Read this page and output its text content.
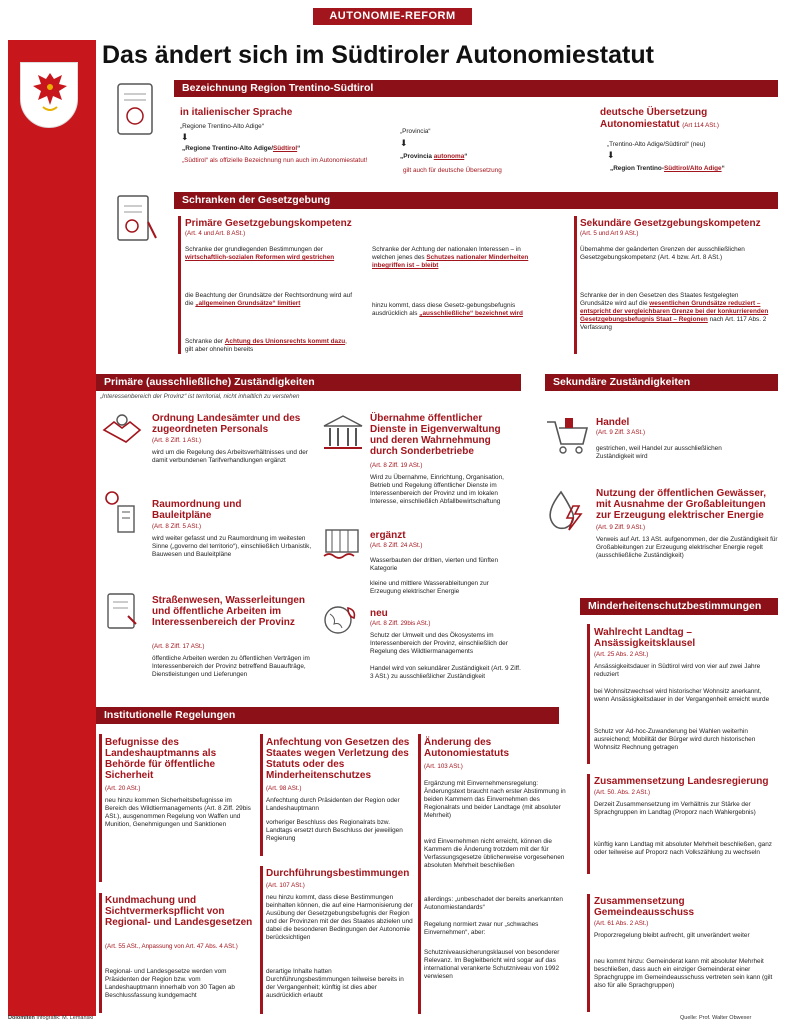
AUTONOMIE-REFORM
Das ändert sich im Südtiroler Autonomiestatut
Bezeichnung Region Trentino-Südtirol
in italienischer Sprache
„Regione Trentino-Alto Adige“
⬇
„Regione Trentino-Alto Adige/Südtirol“
„Südtirol“ als offizielle Bezeichnung nun auch im Autonomiestatut!
„Provincia“
⬇
„Provincia autonoma“
gilt auch für deutsche Übersetzung
deutsche Übersetzung
Autonomiestatut (Art 114 ASt.)
„Trentino-Alto Adige/Südtirol“ (neu)
⬇
„Region Trentino-Südtirol/Alto Adige“
Schranken der Gesetzgebung
Primäre Gesetzgebungskompetenz
(Art. 4 und Art. 8 ASt.)
Schranke der grundlegenden Bestimmungen der wirtschaftlich-sozialen Reformen wird gestrichen
die Beachtung der Grundsätze der Rechtsordnung wird auf die „allgemeinen Grundsätze“ limitiert
Schranke der Achtung des Unionsrechts kommt dazu, gilt aber ohnehin bereits
Schranke der Achtung der nationalen Interessen – in welchen jenes des Schutzes nationaler Minderheiten inbegriffen ist – bleibt
hinzu kommt, dass diese Gesetz-gebungsbefugnis ausdrücklich als „ausschließliche“ bezeichnet wird
Sekundäre Gesetzgebungskompetenz
(Art. 5 und Art 9 ASt.)
Übernahme der geänderten Grenzen der ausschließlichen Gesetzgebungskompetenz (Art. 4 bzw. Art. 8 ASt.)
Schranke der in den Gesetzen des Staates festgelegten Grundsätze wird auf die wesentlichen Grundsätze reduziert – entspricht der vergleichbaren Grenze bei der konkurrierenden Gesetzgebungsbefugnis Staat – Regionen nach Art. 117 Abs. 2 Verfassung
Primäre (ausschließliche) Zuständigkeiten
„Interessenbereich der Provinz“ ist territorial, nicht inhaltlich zu verstehen
Ordnung Landesämter und des zugeordneten Personals
(Art. 8 Ziff. 1 ASt.)
wird um die Regelung des Arbeitsverhältnisses und der damit verbundenen Tarifverhandlungen ergänzt
Raumordnung und Bauleitpläne
(Art. 8 Ziff. 5 ASt.)
wird weiter gefasst und zu Raumordnung im weitesten Sinne („governo del territorio“), einschließlich Urbanistik, Bauwesen und Bauleitpläne
Straßenwesen, Wasserleitungen und öffentliche Arbeiten im Interessenbereich der Provinz
(Art. 8 Ziff. 17 ASt.)
öffentliche Arbeiten werden zu öffentlichen Verträgen im Interessenbereich der Provinz betreffend Bauaufträge, Dienstleistungen und Lieferungen
Übernahme öffentlicher Dienste in Eigenverwaltung und deren Wahrnehmung durch Sonderbetriebe
(Art. 8 Ziff. 19 ASt.)
Wird zu Übernahme, Einrichtung, Organisation, Betrieb und Regelung öffentlicher Dienste im Interessenbereich der Provinz und im lokalen Interesse, einschließlich Abfallbewirtschaftung
ergänzt
(Art. 8 Ziff. 24 ASt.)
Wasserbauten der dritten, vierten und fünften Kategorie
kleine und mittlere Wasserableitungen zur Erzeugung elektrischer Energie
neu
(Art. 8 Ziff. 29bis ASt.)
Schutz der Umwelt und des Ökosystems im Interessenbereich der Provinz, einschließlich der Regelung des Wildtiermanagements
Handel wird von sekundärer Zuständigkeit (Art. 9 Ziff. 3 ASt.) zu ausschließlicher Zuständigkeit
Sekundäre Zuständigkeiten
Handel
(Art. 9 Ziff. 3 ASt.)
gestrichen, weil Handel zur ausschließlichen Zuständigkeit wird
Nutzung der öffentlichen Gewässer, mit Ausnahme der Großableitungen zur Erzeugung elektrischer Energie
(Art. 9 Ziff. 9 ASt.)
Verweis auf Art. 13 ASt. aufgenommen, der die Zuständigkeit für Großableitungen zur Erzeugung elektrischer Energie regelt (ausschließliche Zuständigkeit)
Minderheitenschutzbestimmungen
Wahlrecht Landtag – Ansässigkeitsklausel
(Art. 25 Abs. 2 ASt.)
Ansässigkeitsdauer in Südtirol wird von vier auf zwei Jahre reduziert
bei Wohnsitzwechsel wird historischer Wohnsitz anerkannt, wenn Ansässigkeitsdauer in der Vergangenheit erreicht wurde
Schutz vor Ad-hoc-Zuwanderung bei Wahlen weiterhin ausreichend; Mobilität der Bürger wird durch historischen Wohnsitz Rechnung getragen
Zusammensetzung Landesregierung
(Art. 50. Abs. 2 ASt.)
Derzeit Zusammensetzung im Verhältnis zur Stärke der Sprachgruppen im Landtag (Proporz nach Wahlergebnis)
künftig kann Landtag mit absoluter Mehrheit beschließen, ganz oder teilweise auf Proporz nach Volkszählung zu wechseln
Zusammensetzung Gemeindeausschuss
(Art. 61 Abs. 2 ASt.)
Proporzregelung bleibt aufrecht, gilt unverändert weiter
neu kommt hinzu: Gemeinderat kann mit absoluter Mehrheit beschließen, dass auch ein einziger Gemeinderat einer Sprachgruppe im Gemeindeausschuss vertreten sein kann (gilt also für alle Sprachgruppen)
Institutionelle Regelungen
Befugnisse des Landeshauptmanns als Behörde für öffentliche Sicherheit
(Art. 20 ASt.)
neu hinzu kommen Sicherheitsbefugnisse im Bereich des Wildtiermanagements (Art. 8 Ziff. 29bis ASt.), ausgenommen Regelung von Waffen und Munition, Genehmigungen und Sanktionen
Kundmachung und Sichtvermerkspflicht von Regional- und Landesgesetzen
(Art. 55 ASt., Anpassung von Art. 47 Abs. 4 ASt.)
Regional- und Landesgesetze werden vom Präsidenten der Region bzw. vom Landeshauptmann innerhalb von 30 Tagen ab Beschlussfassung kundgemacht
Anfechtung von Gesetzen des Staates wegen Verletzung des Statuts oder des Minderheitenschutzes
(Art. 98 ASt.)
Anfechtung durch Präsidenten der Region oder Landeshauptmann
vorheriger Beschluss des Regionalrats bzw. Landtags ersetzt durch Beschluss der jeweiligen Regierung
Durchführungsbestimmungen
(Art. 107 ASt.)
neu hinzu kommt, dass diese Bestimmungen beinhalten können, die auf eine Harmonisierung der Ausübung der Gesetzgebungsbefugnis der Region und der Provinzen mit der des Staates abzielen und dabei die besonderen Bedingungen der Autonomie berücksichtigen
derartige Inhalte hatten Durchführungsbestimmungen teilweise bereits in der Vergangenheit; künftig ist dies aber ausdrücklich erlaubt
Änderung des Autonomiestatuts
(Art. 103 ASt.)
Ergänzung mit Einvernehmensregelung: Änderungstext braucht nach erster Abstimmung in beiden Kammern das Einvernehmen des Regionalrats und beider Landtage (mit absoluter Mehrheit)
wird Einvernehmen nicht erreicht, können die Kammern die Änderung trotzdem mit der für Verfassungsgesetze üblicherweise vorgesehenen absoluten Mehrheit beschließen
allerdings: „unbeschadet der bereits anerkannten Autonomiestandards“
Regelung normiert zwar nur „schwaches Einvernehmen“, aber:
Schutzniveausicherungsklausel von besonderer Relevanz. Im Begleitbericht wird sogar auf das international verankerte Schutzniveau von 1992 verwiesen
Dolomiten Infografik: M. Lemanski	Quelle: Prof. Walter Obwexer
